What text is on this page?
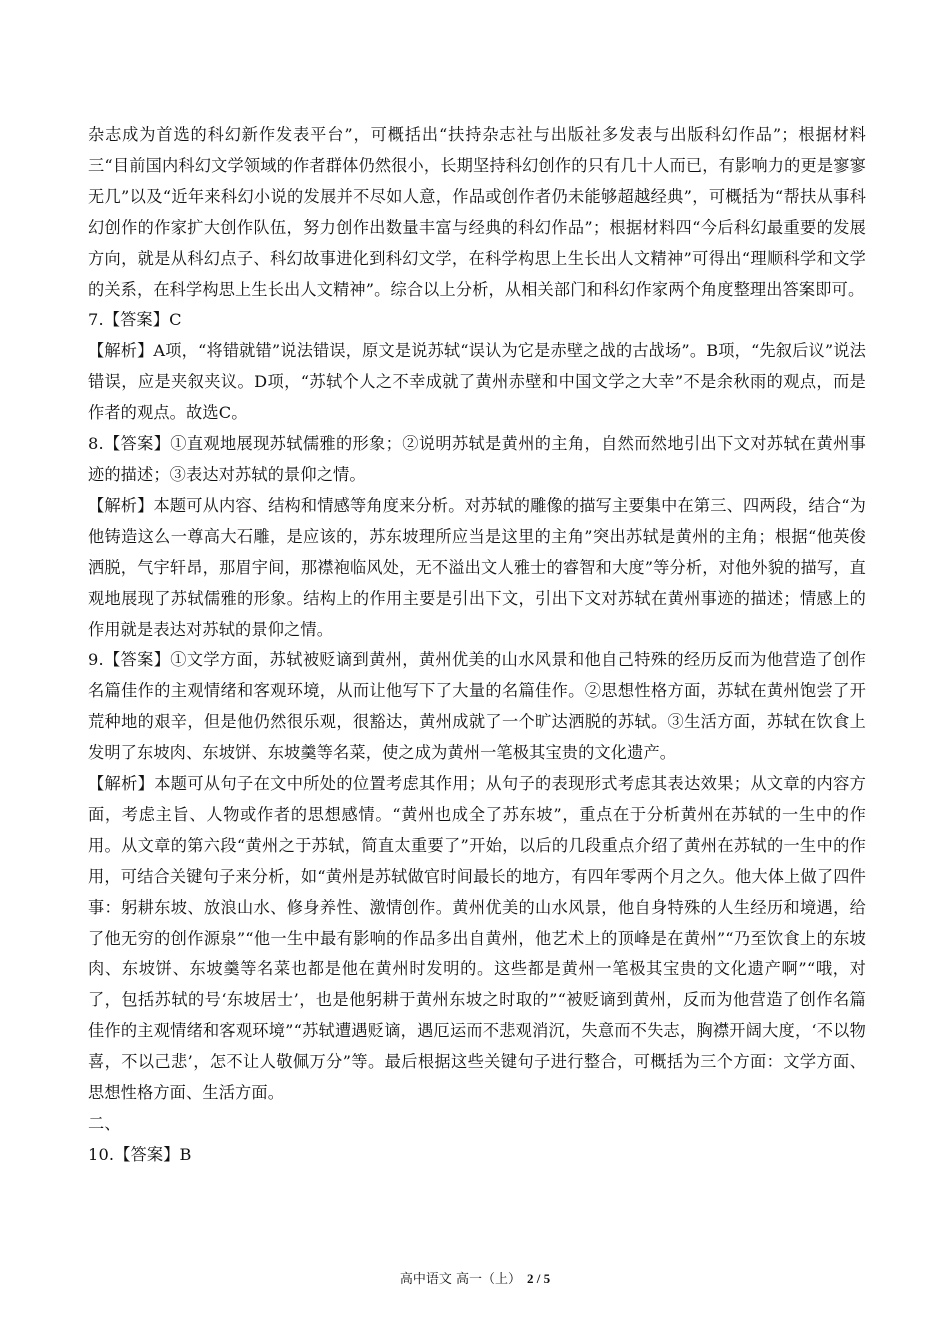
杂志成为首选的科幻新作发表平台”，可概括出“扶持杂志社与出版社多发表与出版科幻作品”；根据材料三“目前国内科幻文学领域的作者群体仍然很小，长期坚持科幻创作的只有几十人而已，有影响力的更是寥寥无几”以及“近年来科幻小说的发展并不尽如人意，作品或创作者仍未能够超越经典”，可概括为“帮扶从事科幻创作的作家扩大创作队伍，努力创作出数量丰富与经典的科幻作品”；根据材料四“今后科幻最重要的发展方向，就是从科幻点子、科幻故事进化到科幻文学，在科学构思上生长出人文精神”可得出“理顺科学和文学的关系，在科学构思上生长出人文精神”。综合以上分析，从相关部门和科幻作家两个角度整理出答案即可。

7.【答案】C

【解析】A项，“将错就错”说法错误，原文是说苏轼“误认为它是赤壁之战的古战场”。B项，“先叙后议”说法错误，应是夹叙夹议。D项，“苏轼个人之不幸成就了黄州赤壁和中国文学之大幸”不是余秋雨的观点，而是作者的观点。故选C。

8.【答案】①直观地展现苏轼儒雅的形象；②说明苏轼是黄州的主角，自然而然地引出下文对苏轼在黄州事迹的描述；③表达对苏轼的景仰之情。

【解析】本题可从内容、结构和情感等角度来分析。对苏轼的雕像的描写主要集中在第三、四两段，结合“为他铸造这么一尊高大石雕，是应该的，苏东坡理所应当是这里的主角”突出苏轼是黄州的主角；根据“他英俊洒脱，气宇轩昂，那眉宇间，那襟袍临风处，无不溢出文人雅士的睿智和大度”等分析，对他外貌的描写，直观地展现了苏轼儒雅的形象。结构上的作用主要是引出下文，引出下文对苏轼在黄州事迹的描述；情感上的作用就是表达对苏轼的景仰之情。

9.【答案】①文学方面，苏轼被贬谪到黄州，黄州优美的山水风景和他自己特殊的经历反而为他营造了创作名篇佳作的主观情绪和客观环境，从而让他写下了大量的名篇佳作。②思想性格方面，苏轼在黄州饱尝了开荒种地的艰辛，但是他仍然很乐观，很豁达，黄州成就了一个旷达洒脱的苏轼。③生活方面，苏轼在饮食上发明了东坡肉、东坡饼、东坡羹等名菜，使之成为黄州一笔极其宝贵的文化遗产。

【解析】本题可从句子在文中所处的位置考虑其作用；从句子的表现形式考虑其表达效果；从文章的内容方面，考虑主旨、人物或作者的思想感情。“黄州也成全了苏东坡”，重点在于分析黄州在苏轼的一生中的作用。从文章的第六段“黄州之于苏轼，简直太重要了”开始，以后的几段重点介绍了黄州在苏轼的一生中的作用，可结合关键句子来分析，如“黄州是苏轼做官时间最长的地方，有四年零两个月之久。他大体上做了四件事：躬耕东坡、放浪山水、修身养性、激情创作。黄州优美的山水风景，他自身特殊的人生经历和境遇，给了他无穷的创作源泉”“他一生中最有影响的作品多出自黄州，他艺术上的顶峰是在黄州”“乃至饮食上的东坡肉、东坡饼、东坡羹等名菜也都是他在黄州时发明的。这些都是黄州一笔极其宝贵的文化遗产啊”“哦，对了，包括苏轼的号‘东坡居士’，也是他躬耕于黄州东坡之时取的”“被贬谪到黄州，反而为他营造了创作名篇佳作的主观情绪和客观环境”“苏轼遭遇贬谪，遇厄运而不悲观消沉，失意而不失志，胸襟开阔大度，‘不以物喜，不以己悲’，怎不让人敬佩万分”等。最后根据这些关键句子进行整合，可概括为三个方面：文学方面、思想性格方面、生活方面。

二、

10.【答案】B

高中语文 高一（上） 2 / 5
